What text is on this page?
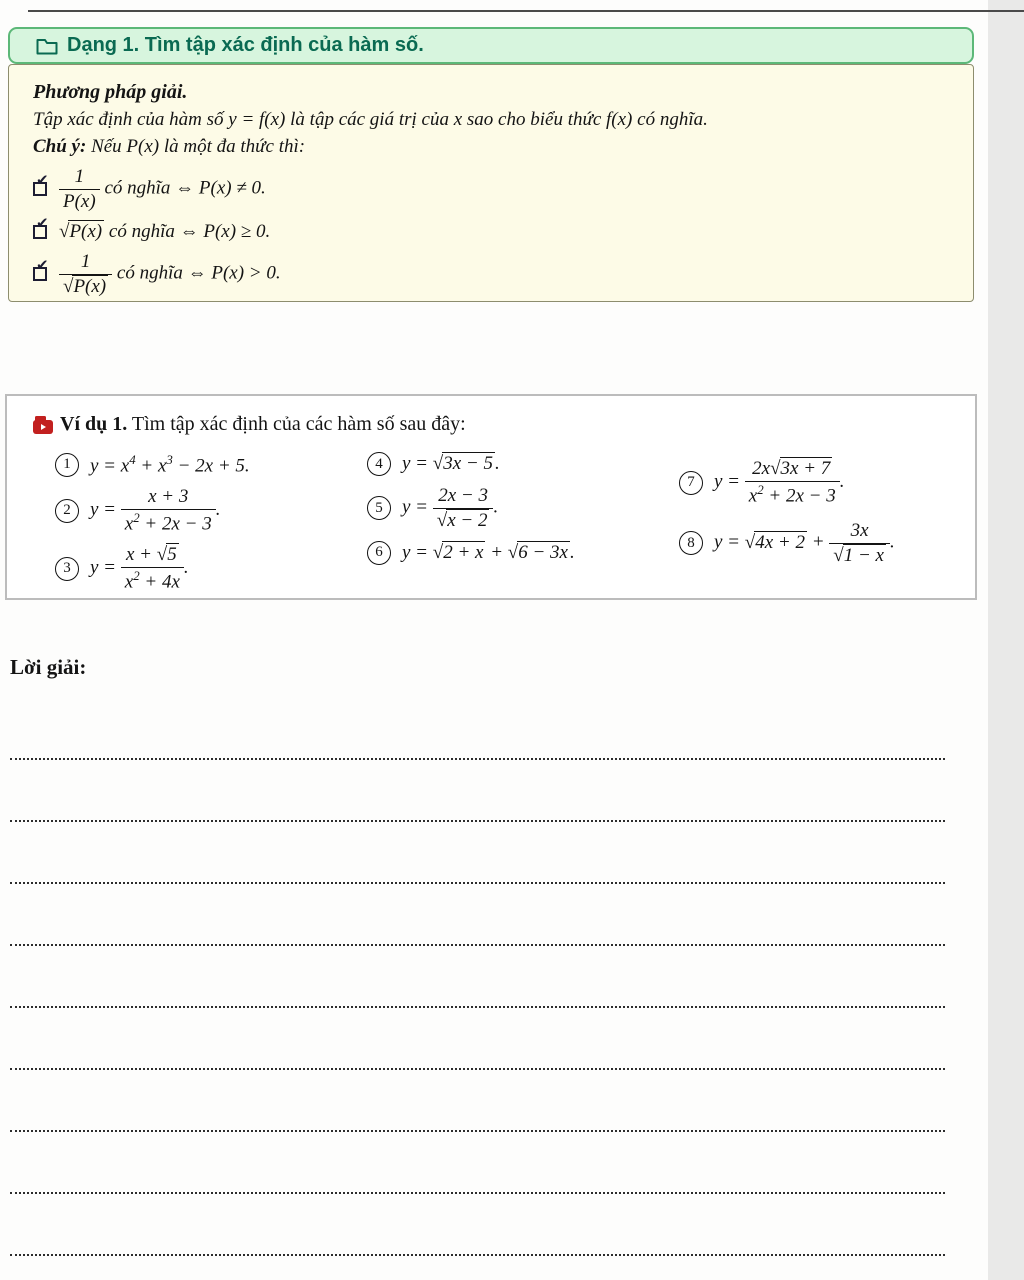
Dạng 1. Tìm tập xác định của hàm số.
Phương pháp giải.
Tập xác định của hàm số y = f(x) là tập các giá trị của x sao cho biểu thức f(x) có nghĩa.
Chú ý: Nếu P(x) là một đa thức thì:
✔ $\frac{1}{P(x)}$ có nghĩa ⇔ P(x) ≠ 0.
✔ √P(x) có nghĩa ⇔ P(x) ≥ 0.
✔ $\frac{1}{√P(x)}$ có nghĩa ⇔ P(x) > 0.
Ví dụ 1. Tìm tập xác định của các hàm số sau đây:
1	$y = x^4 + x^3 - 2x + 5$.
2	$y = \frac{x + 3}{x^2 + 2x - 3}$ .
3	$y = \frac{x + √5}{x^2 + 4x}$ .
4	y = √3x − 5 .
5	$y = \frac{2x - 3}{√x - 2}$ .
6	y = √2 + x + √6 − 3x .
7	$y = \frac{2x√3x + 7}{x^2 + 2x - 3}$ .
8	$y = √4x + 2 + \frac{3x}{√1 - x}$ .
Lời giải:
